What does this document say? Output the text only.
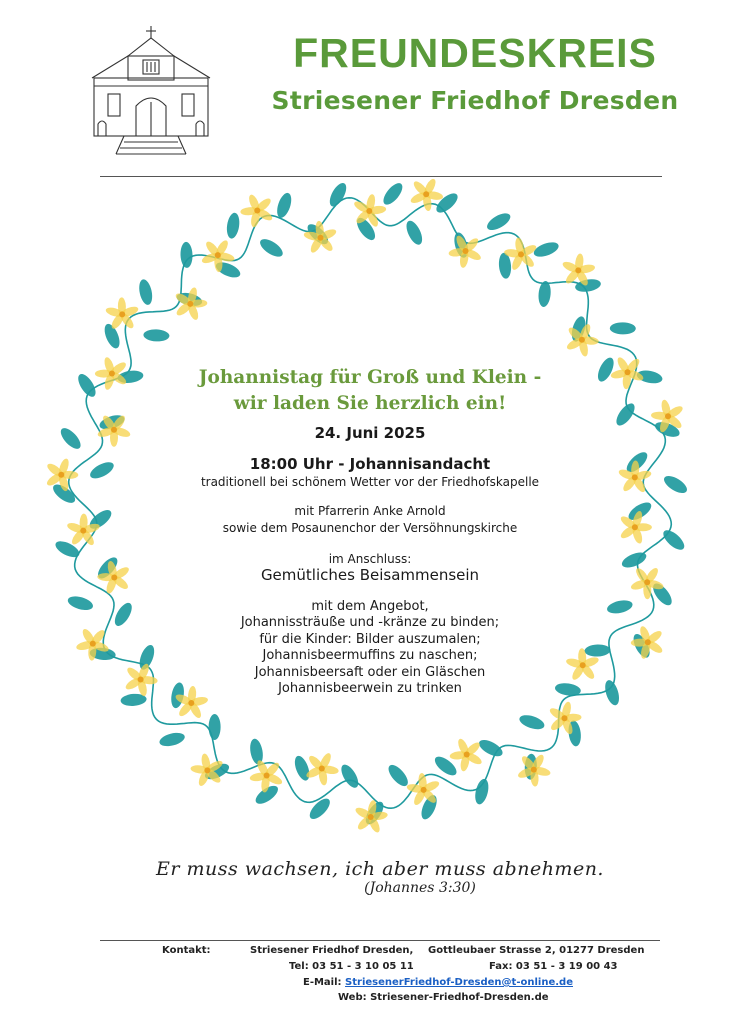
FREUNDESKREIS
Striesener Friedhof Dresden
Johannistag für Groß und Klein -
wir laden Sie herzlich ein!
24. Juni 2025
18:00 Uhr - Johannisandacht
traditionell bei schönem Wetter vor der Friedhofskapelle
mit Pfarrerin Anke Arnold
sowie dem Posaunenchor der Versöhnungskirche
im Anschluss:
Gemütliches Beisammensein
mit dem Angebot,
Johannissträuße und -kränze zu binden;
für die Kinder: Bilder auszumalen;
Johannisbeermuffins zu naschen;
Johannisbeersaft oder ein Gläschen
Johannisbeerwein zu trinken
Er muss wachsen, ich aber muss abnehmen.
(Johannes 3:30)
Kontakt:	Striesener Friedhof Dresden, Gottleubaer Strasse 2, 01277 Dresden
Tel: 03 51 - 3 10 05 11	Fax: 03 51 - 3 19 00 43
E-Mail: StriesenerFriedhof-Dresden@t-online.de
Web: Striesener-Friedhof-Dresden.de
